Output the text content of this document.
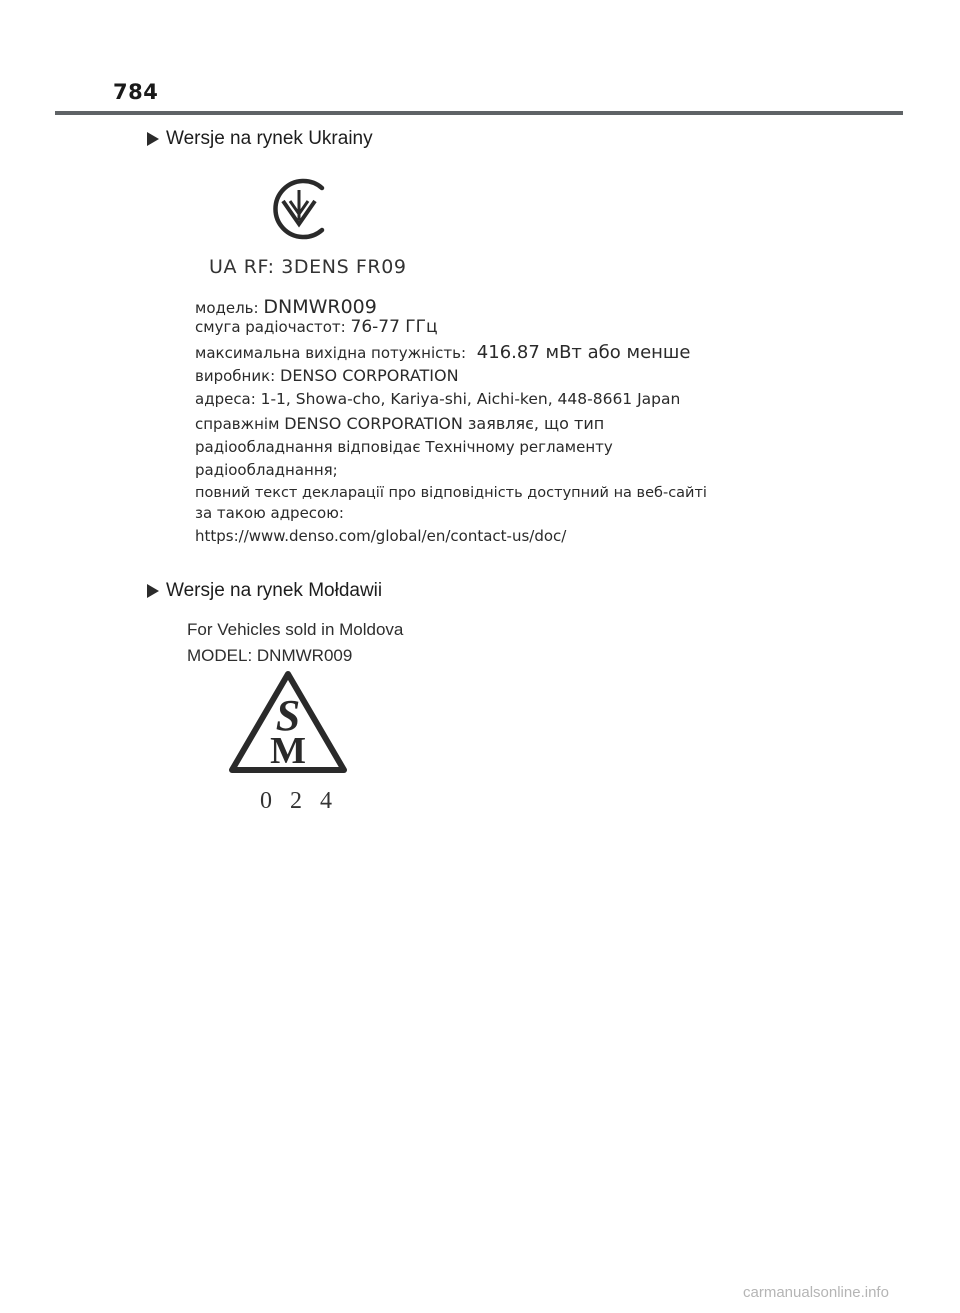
784
Wersje na rynek Ukrainy
UA RF: 3DENS FR09
модель: DNMWR009
смуга радіочастот: 76-77 ГГц
максимальна вихідна потужність: 416.87 мВт або менше
виробник: DENSO CORPORATION
адреса: 1-1, Showa-cho, Kariya-shi, Aichi-ken, 448-8661 Japan
справжнім DENSO CORPORATION заявляє, що тип
радіообладнання відповідає Технічному регламенту
радіообладнання;
повний текст декларації про відповідність доступний на веб-сайті
за такою адресою:
https://www.denso.com/global/en/contact-us/doc/
Wersje na rynek Mołdawii
For Vehicles sold in Moldova
MODEL: DNMWR009
S
M
0 2 4
carmanualsonline.info
